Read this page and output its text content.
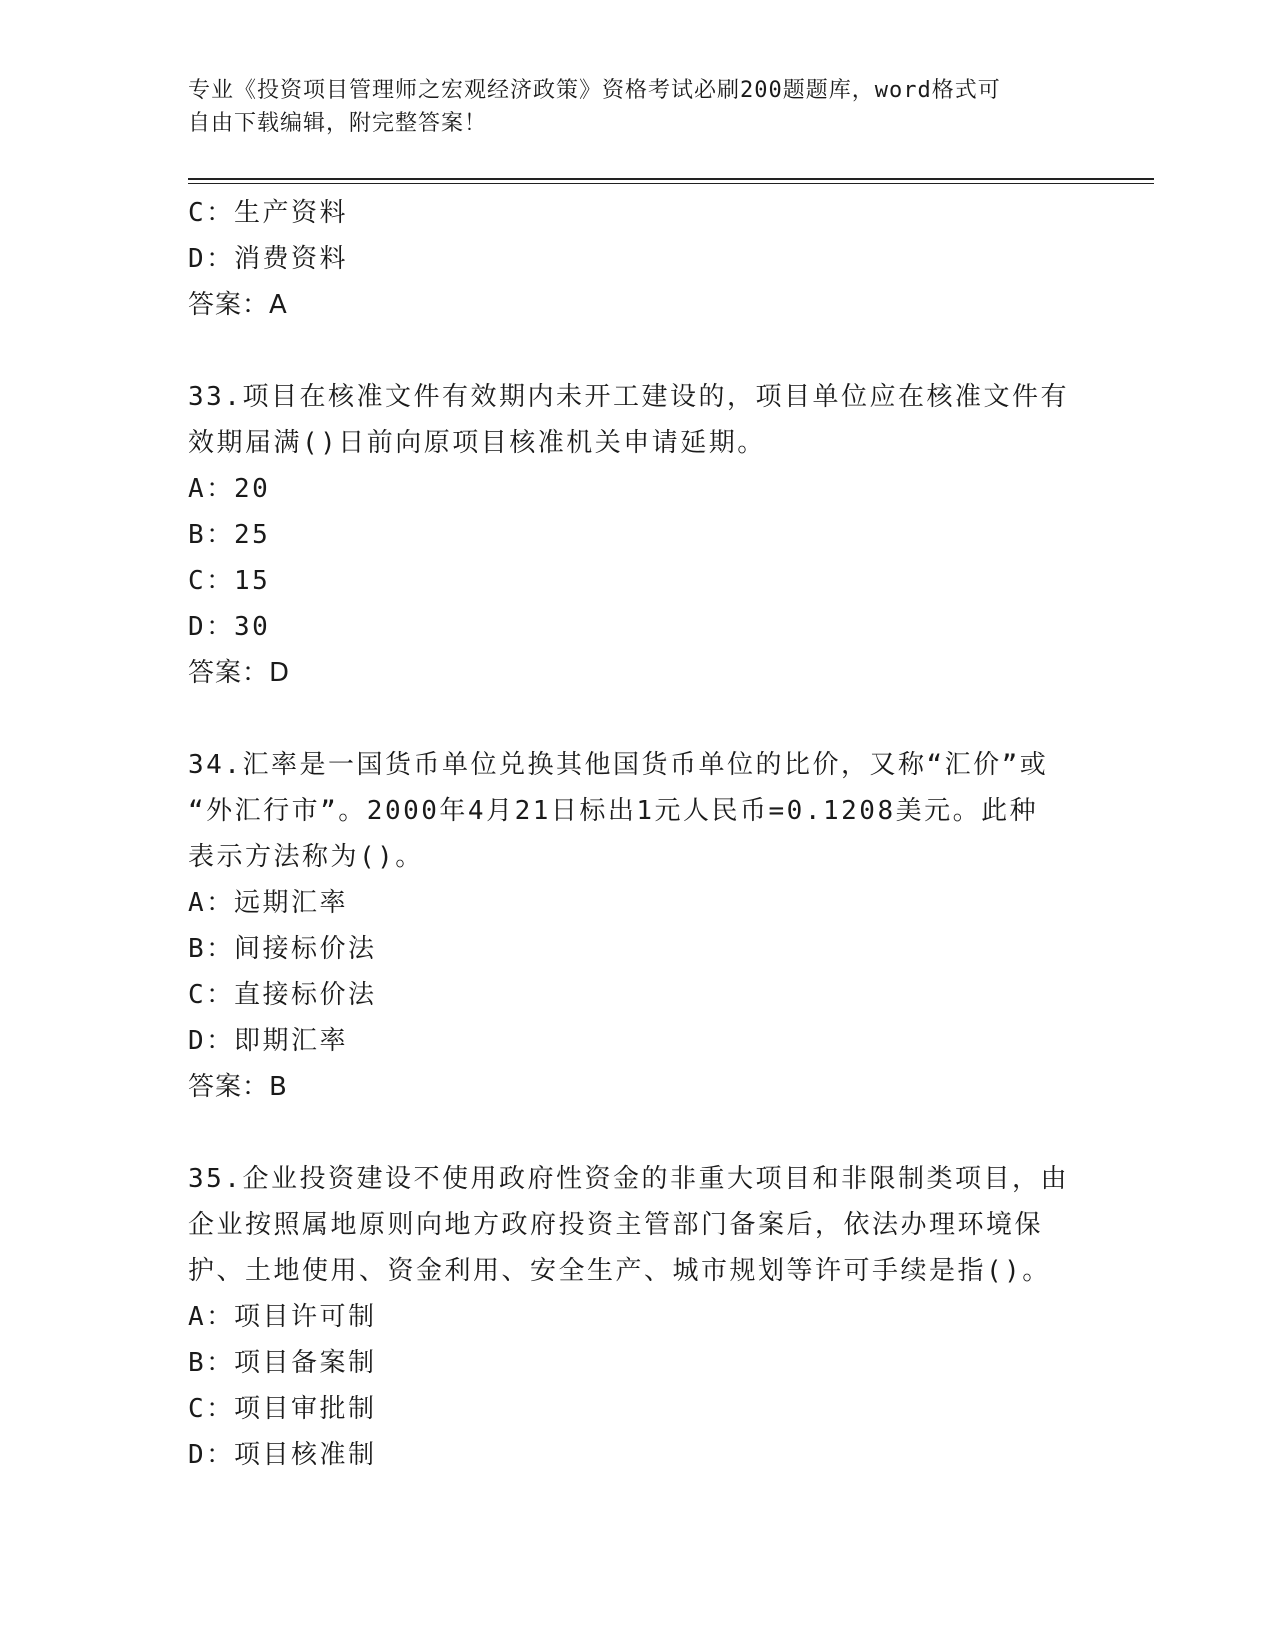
专业《投资项目管理师之宏观经济政策》资格考试必刷200题题库，word格式可
自由下载编辑，附完整答案！
C： 生产资料
D： 消费资料
答案：A
33.项目在核准文件有效期内未开工建设的，项目单位应在核准文件有
效期届满()日前向原项目核准机关申请延期。
A： 20
B： 25
C： 15
D： 30
答案：D
34.汇率是一国货币单位兑换其他国货币单位的比价，又称“汇价”或
“外汇行市”。2000年4月21日标出1元人民币=0.1208美元。此种
表示方法称为()。
A： 远期汇率
B： 间接标价法
C： 直接标价法
D： 即期汇率
答案：B
35.企业投资建设不使用政府性资金的非重大项目和非限制类项目，由
企业按照属地原则向地方政府投资主管部门备案后，依法办理环境保
护、土地使用、资金利用、安全生产、城市规划等许可手续是指()。
A： 项目许可制
B： 项目备案制
C： 项目审批制
D： 项目核准制
